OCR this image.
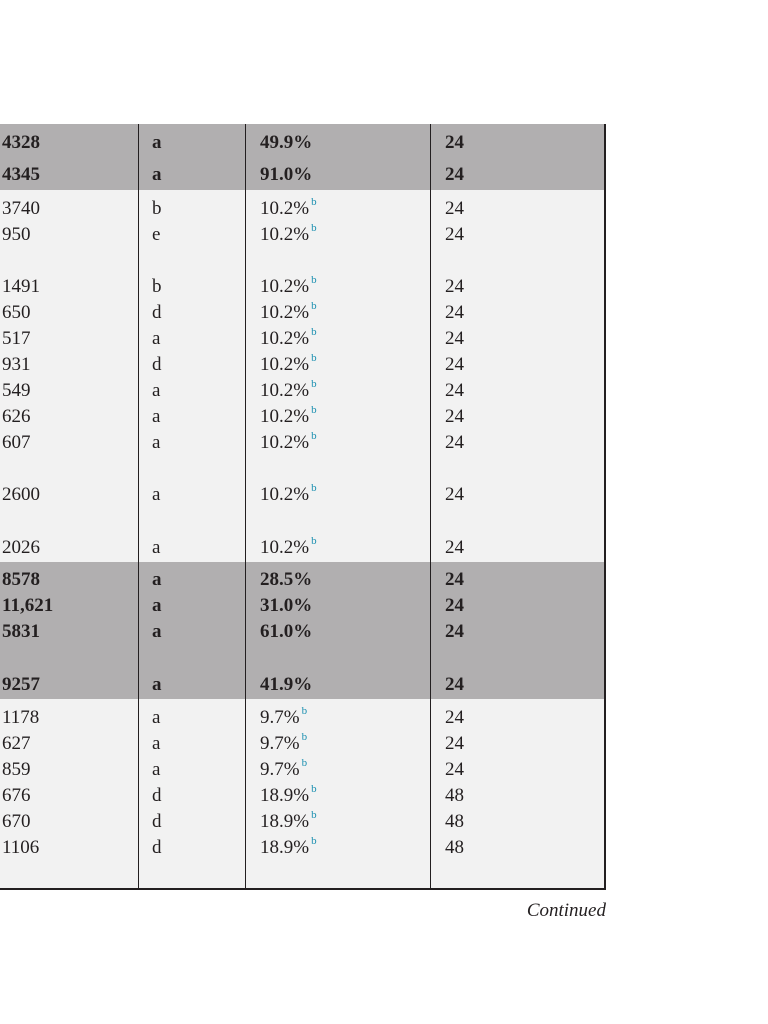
4328	a	49.9%	24
4345	a	91.0%	24
3740	b	10.2% $^b$	24
950	e	10.2% $^b$	24
1491	b	10.2% $^b$	24
650	d	10.2% $^b$	24
517	a	10.2% $^b$	24
931	d	10.2% $^b$	24
549	a	10.2% $^b$	24
626	a	10.2% $^b$	24
607	a	10.2% $^b$	24
2600	a	10.2% $^b$	24
2026	a	10.2% $^b$	24
8578	a	28.5%	24
11,621	a	31.0%	24
5831	a	61.0%	24
9257	a	41.9%	24
1178	a	9.7% $^b$	24
627	a	9.7% $^b$	24
859	a	9.7% $^b$	24
676	d	18.9% $^b$	48
670	d	18.9% $^b$	48
1106	d	18.9% $^b$	48
Continued
